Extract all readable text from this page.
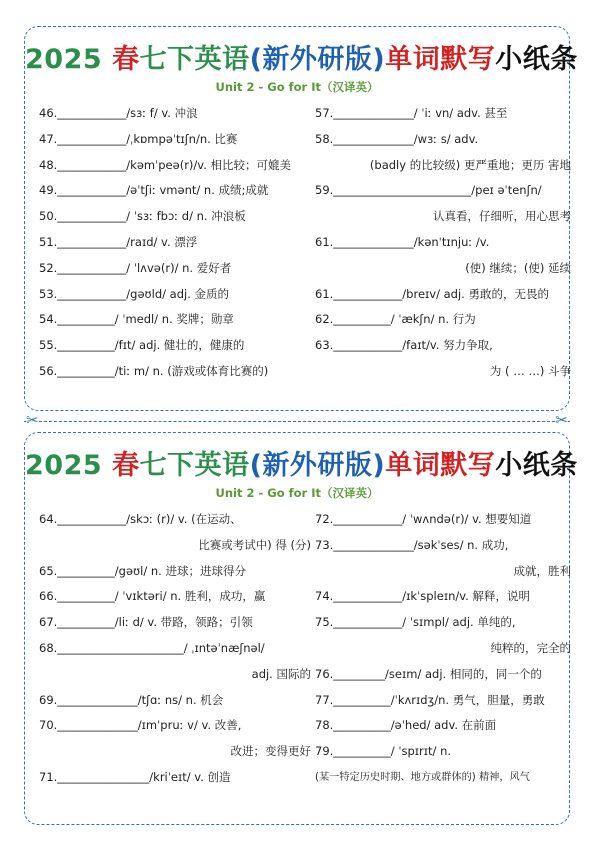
2025 春七下英语(新外研版)单词默写小纸条
Unit 2 - Go for It（汉译英）
46.____________/sɜː f/ v. 冲浪
47.____________/ˌkɒmpəˈtɪʃn/n. 比赛
48.____________/kəmˈpeə(r)/v. 相比较；可媲美
49.____________/əˈtʃiː vmənt/ n. 成绩;成就
50.____________/ ˈsɜː fbɔː d/ n. 冲浪板
51.____________/raɪd/ v. 漂浮
52.____________/ ˈlʌvə(r)/ n. 爱好者
53.____________/gəʊld/ adj. 金质的
54.__________/ ˈmedl/ n. 奖牌；勋章
55.__________/fɪt/ adj. 健壮的，健康的
56.__________/tiː m/ n. (游戏或体育比赛的)
57.______________/ ˈiː vn/ adv. 甚至
58.______________/wɜː s/ adv.
(badly 的比较级) 更严重地；更历 害地
59.________________________/peɪ əˈtenʃn/
认真看，仔细听，用心思考
61.______________/kənˈtɪnjuː /v.
(使) 继续；(使) 延续
61.____________/breɪv/ adj. 勇敢的，无畏的
62.__________/ ˈækʃn/ n. 行为
63.____________/faɪt/v. 努力争取,
为 ( … …) 斗争
✂	✂
2025 春七下英语(新外研版)单词默写小纸条
Unit 2 - Go for It（汉译英）
64.____________/skɔː (r)/ v. (在运动、
比赛或考试中) 得 (分)
65.__________/gəʊl/ n. 进球；进球得分
66.__________/ ˈvɪktəri/ n. 胜利，成功，赢
67.__________/liː d/ v. 带路，领路；引领
68.______________________/ ˌɪntəˈnæʃnəl/
adj. 国际的
69.______________/tʃɑː ns/ n. 机会
70.______________/ɪmˈpruː v/ v. 改善,
改进；变得更好
71.________________/kriˈeɪt/ v. 创造
72.____________/ ˈwʌndə(r)/ v. 想要知道
73.______________/səkˈses/ n. 成功,
成就，胜利
74.____________/ɪkˈspleɪn/v. 解释，说明
75.____________/ ˈsɪmpl/ adj. 单纯的,
纯粹的，完全的
76._________/seɪm/ adj. 相同的，同一个的
77.__________/ˈkʌrɪdʒ/n. 勇气，胆量，勇敢
78.__________/əˈhed/ adv. 在前面
79.__________/ ˈspɪrɪt/ n.
(某一特定历史时期、地方或群体的) 精神，风气
